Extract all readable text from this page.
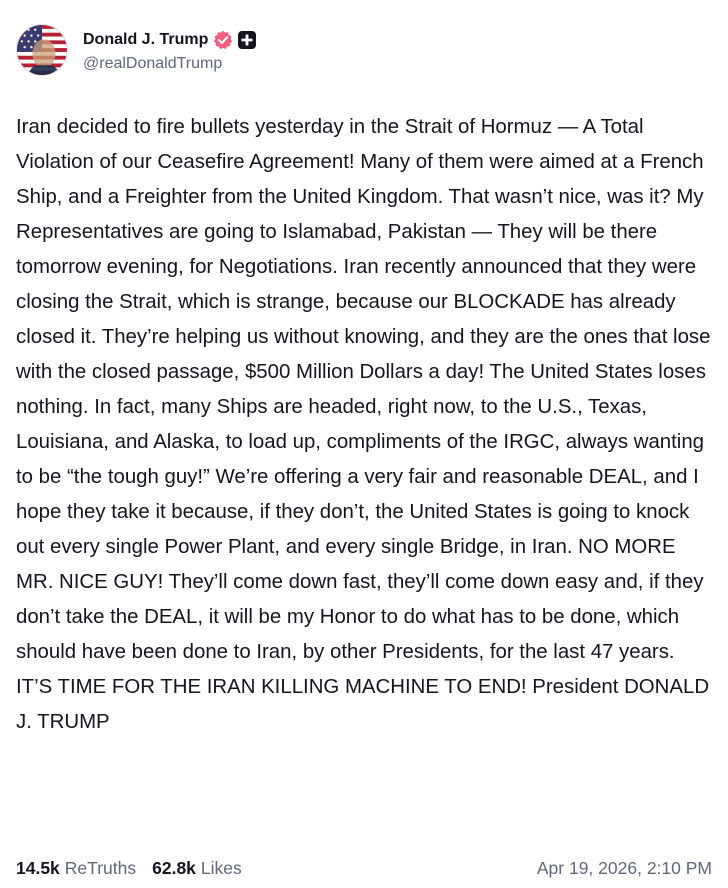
Donald J. Trump
@realDonaldTrump
Iran decided to fire bullets yesterday in the Strait of Hormuz — A Total Violation of our Ceasefire Agreement! Many of them were aimed at a French Ship, and a Freighter from the United Kingdom. That wasn’t nice, was it? My Representatives are going to Islamabad, Pakistan — They will be there tomorrow evening, for Negotiations. Iran recently announced that they were closing the Strait, which is strange, because our BLOCKADE has already closed it. They’re helping us without knowing, and they are the ones that lose with the closed passage, $500 Million Dollars a day! The United States loses nothing. In fact, many Ships are headed, right now, to the U.S., Texas, Louisiana, and Alaska, to load up, compliments of the IRGC, always wanting to be “the tough guy!” We’re offering a very fair and reasonable DEAL, and I hope they take it because, if they don’t, the United States is going to knock out every single Power Plant, and every single Bridge, in Iran. NO MORE MR. NICE GUY! They’ll come down fast, they’ll come down easy and, if they don’t take the DEAL, it will be my Honor to do what has to be done, which should have been done to Iran, by other Presidents, for the last 47 years. IT’S TIME FOR THE IRAN KILLING MACHINE TO END! President DONALD J. TRUMP
14.5k ReTruths 62.8k Likes	Apr 19, 2026, 2:10 PM
